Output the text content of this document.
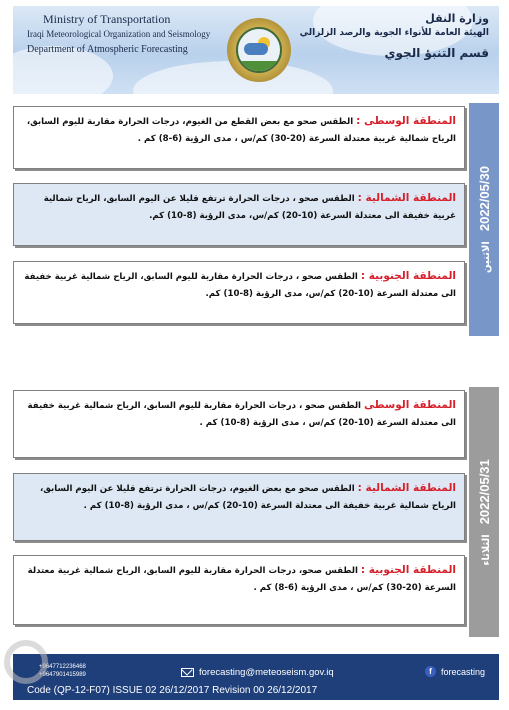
Ministry of Transportation
Iraqi Meteorological Organization and Seismology
Department of Atmospheric Forecasting
وزارة النقل
الهيئة العامة للأنواء الجوية والرصد الزلزالي
قسم التنبؤ الجوي
الاثنين
2022/05/30
المنطقة الوسطى : الطقس صحو مع بعض القطع من الغيوم، درجات الحرارة مقاربة لليوم السابق، الرياح شمالية غربية معتدلة السرعة (20-30) كم/س ، مدى الرؤية (6-8) كم .
المنطقة الشمالية : الطقس صحو ، درجات الحرارة ترتفع قليلا عن اليوم السابق، الرياح شمالية غربية خفيفة الى معتدلة السرعة (10-20) كم/س، مدى الرؤية (8-10) كم.
المنطقة الجنوبية : الطقس صحو ، درجات الحرارة مقاربة لليوم السابق، الرياح شمالية غربية خفيفة الى معتدلة السرعة (10-20) كم/س، مدى الرؤية (8-10) كم.
الثلاثاء
2022/05/31
المنطقة الوسطى الطقس صحو ، درجات الحرارة مقاربة لليوم السابق، الرياح شمالية غربية خفيفة الى معتدلة السرعة (10-20) كم/س ، مدى الرؤية (8-10) كم .
المنطقة الشمالية : الطقس صحو مع بعض الغيوم، درجات الحرارة ترتفع قليلا عن اليوم السابق، الرياح شمالية غربية خفيفة الى معتدلة السرعة (10-20) كم/س ، مدى الرؤية (8-10) كم .
المنطقة الجنوبية : الطقس صحو، درجات الحرارة مقاربة لليوم السابق، الرياح شمالية غربية معتدلة السرعة (20-30) كم/س ، مدى الرؤية (6-8) كم .
+9647712236468
+9647901415989	forecasting@meteoseism.gov.iq	f	forecasting
Code (QP-12-F07) ISSUE 02 26/12/2017 Revision 00 26/12/2017
